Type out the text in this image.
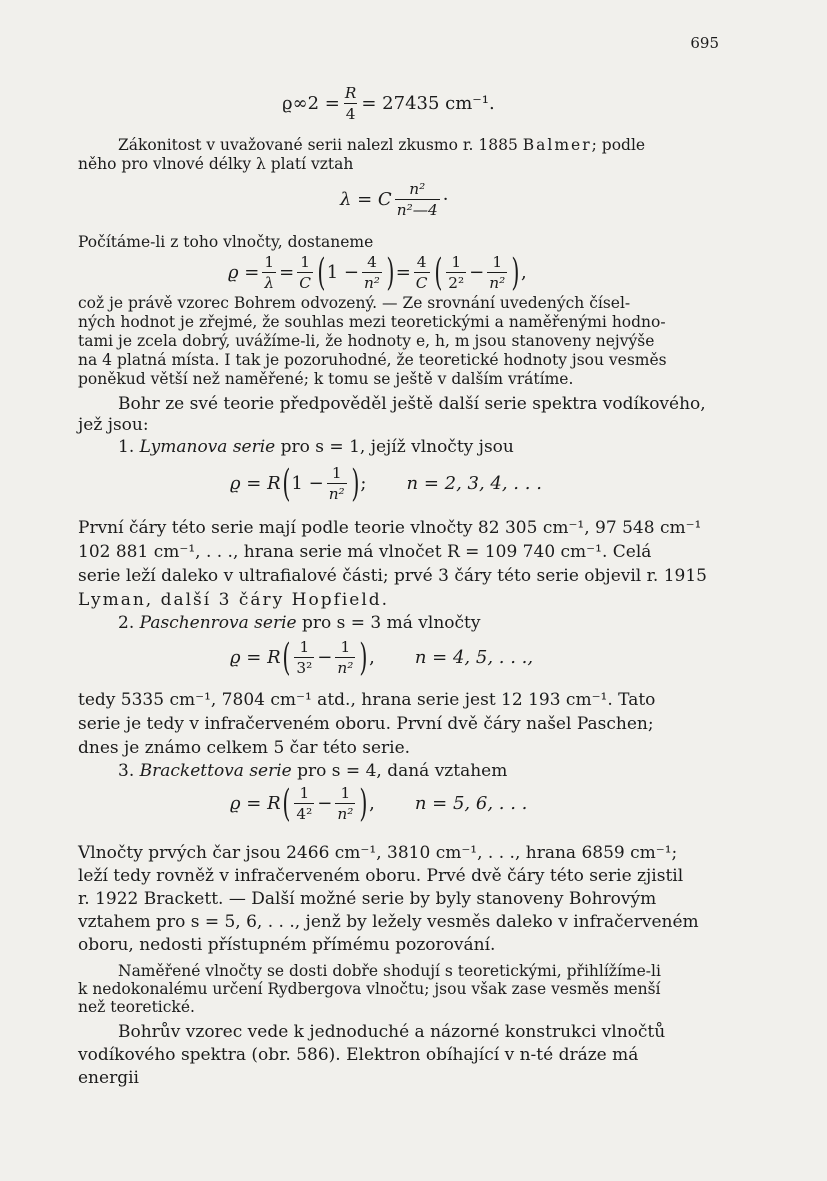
695
$ϱ\infty 2 = \frac{R}{4} = 27435$ cm⁻¹.
Zákonitost v uvažované serii nalezl zkusmo r. 1885 Balmer; podle
něho pro vlnové délky λ platí vztah
λ = C $\frac{\text{n²}}{\text{n²—4}}$ ·
Počítáme-li z toho vlnočty, dostaneme
$ϱ = \frac{1}{\lambda} = \frac{1}{C}$ ( $1 - \frac{4}{\text{n²}}$ ) = $\frac{4}{C}$ ( $\frac{1}{\text{2²}} - \frac{1}{\text{n²}}$ ) ,
což je právě vzorec Bohrem odvozený. — Ze srovnání uvedených čísel-
ných hodnot je zřejmé, že souhlas mezi teoretickými a naměřenými hodno-
tami je zcela dobrý, uvážíme-li, že hodnoty e, h, m jsou stanoveny nejvýše
na 4 platná místa. I tak je pozoruhodné, že teoretické hodnoty jsou vesměs
poněkud větší než naměřené; k tomu se ještě v dalším vrátíme.
Bohr ze své teorie předpověděl ještě další serie spektra vodíkového,
jež jsou:
1. Lymanova serie pro s = 1, jejíž vlnočty jsou
ϱ = R ( $1 - \frac{1}{\text{n²}}$ ) ; n = 2, 3, 4, . . .
První čáry této serie mají podle teorie vlnočty 82 305 cm⁻¹, 97 548 cm⁻¹
102 881 cm⁻¹, . . ., hrana serie má vlnočet R = 109 740 cm⁻¹. Celá
serie leží daleko v ultrafialové části; prvé 3 čáry této serie objevil r. 1915
Lyman, další 3 čáry Hopfield.
2. Paschenrova serie pro s = 3 má vlnočty
ϱ = R ( $\frac{1}{\text{3²}} - \frac{1}{\text{n²}}$ ) , n = 4, 5, . . .,
tedy 5335 cm⁻¹, 7804 cm⁻¹ atd., hrana serie jest 12 193 cm⁻¹. Tato
serie je tedy v infračerveném oboru. První dvě čáry našel Paschen;
dnes je známo celkem 5 čar této serie.
3. Brackettova serie pro s = 4, daná vztahem
ϱ = R ( $\frac{1}{\text{4²}} - \frac{1}{\text{n²}}$ ) , n = 5, 6, . . .
Vlnočty prvých čar jsou 2466 cm⁻¹, 3810 cm⁻¹, . . ., hrana 6859 cm⁻¹;
leží tedy rovněž v infračerveném oboru. Prvé dvě čáry této serie zjistil
r. 1922 Brackett. — Další možné serie by byly stanoveny Bohrovým
vztahem pro s = 5, 6, . . ., jenž by ležely vesměs daleko v infračerveném
oboru, nedosti přístupném přímému pozorování.
Naměřené vlnočty se dosti dobře shodují s teoretickými, přihlížíme-li
k nedokonalému určení Rydbergova vlnočtu; jsou však zase vesměs menší
než teoretické.
Bohrův vzorec vede k jednoduché a názorné konstrukci vlnočtů
vodíkového spektra (obr. 586). Elektron obíhající v n-té dráze má
energii
